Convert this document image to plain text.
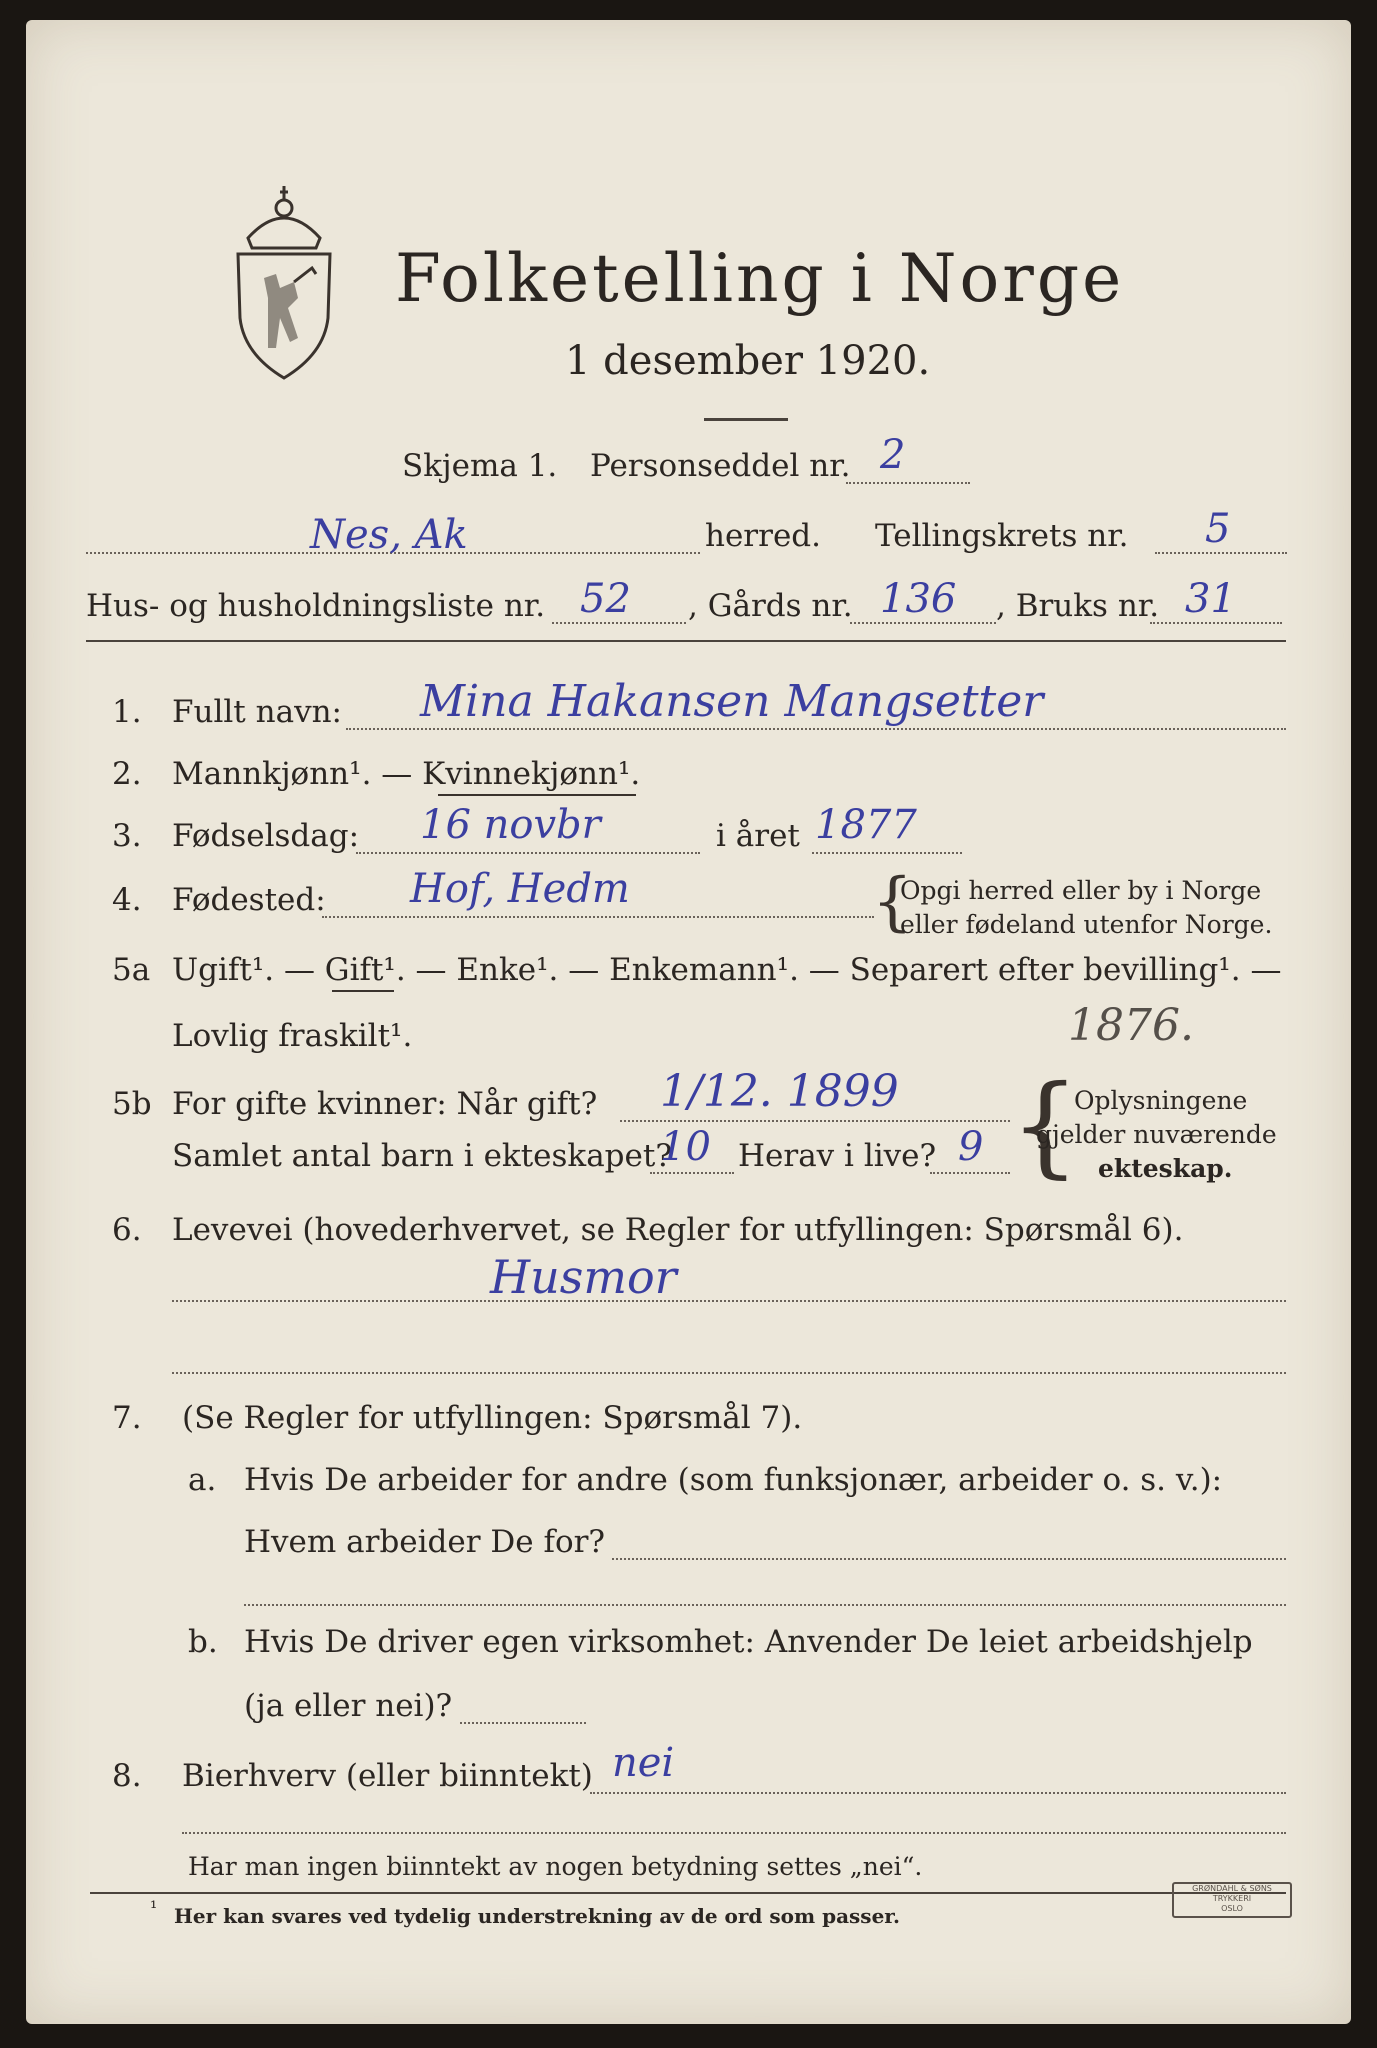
Folketelling i Norge
1 desember 1920.
Skjema 1. Personseddel nr. 2
Nes, Ak	herred. Tellingskrets nr. 5
Hus- og husholdningsliste nr. 52 , Gårds nr. 136 , Bruks nr. 31
1. Fullt navn: Mina Hakansen Mangsetter
2. Mannkjønn¹. — Kvinnekjønn¹.
3. Fødselsdag: 16 novbr	i året 1877
4. Fødested: Hof, Hedm	{
Opgi herred eller by i Norge
eller fødeland utenfor Norge.
5a Ugift¹. — Gift¹. — Enke¹. — Enkemann¹. — Separert efter bevilling¹. —
Lovlig fraskilt¹.	1876.
5b For gifte kvinner: Når gift? 1/12. 1899
Samlet antal barn i ekteskapet?
10 Herav i live? 9 {
Oplysningene
gjelder nuværende
ekteskap.
6. Levevei (hovederhvervet, se Regler for utfyllingen: Spørsmål 6).
Husmor
7. (Se Regler for utfyllingen: Spørsmål 7).
a. Hvis De arbeider for andre (som funksjonær, arbeider o. s. v.):
Hvem arbeider De for?
b. Hvis De driver egen virksomhet: Anvender De leiet arbeidshjelp
(ja eller nei)?
8. Bierhverv (eller biinntekt) nei
Har man ingen biinntekt av nogen betydning settes „nei“.
¹ Her kan svares ved tydelig understrekning av de ord som passer.
GRØNDAHL & SØNS TRYKKERI
OSLO
